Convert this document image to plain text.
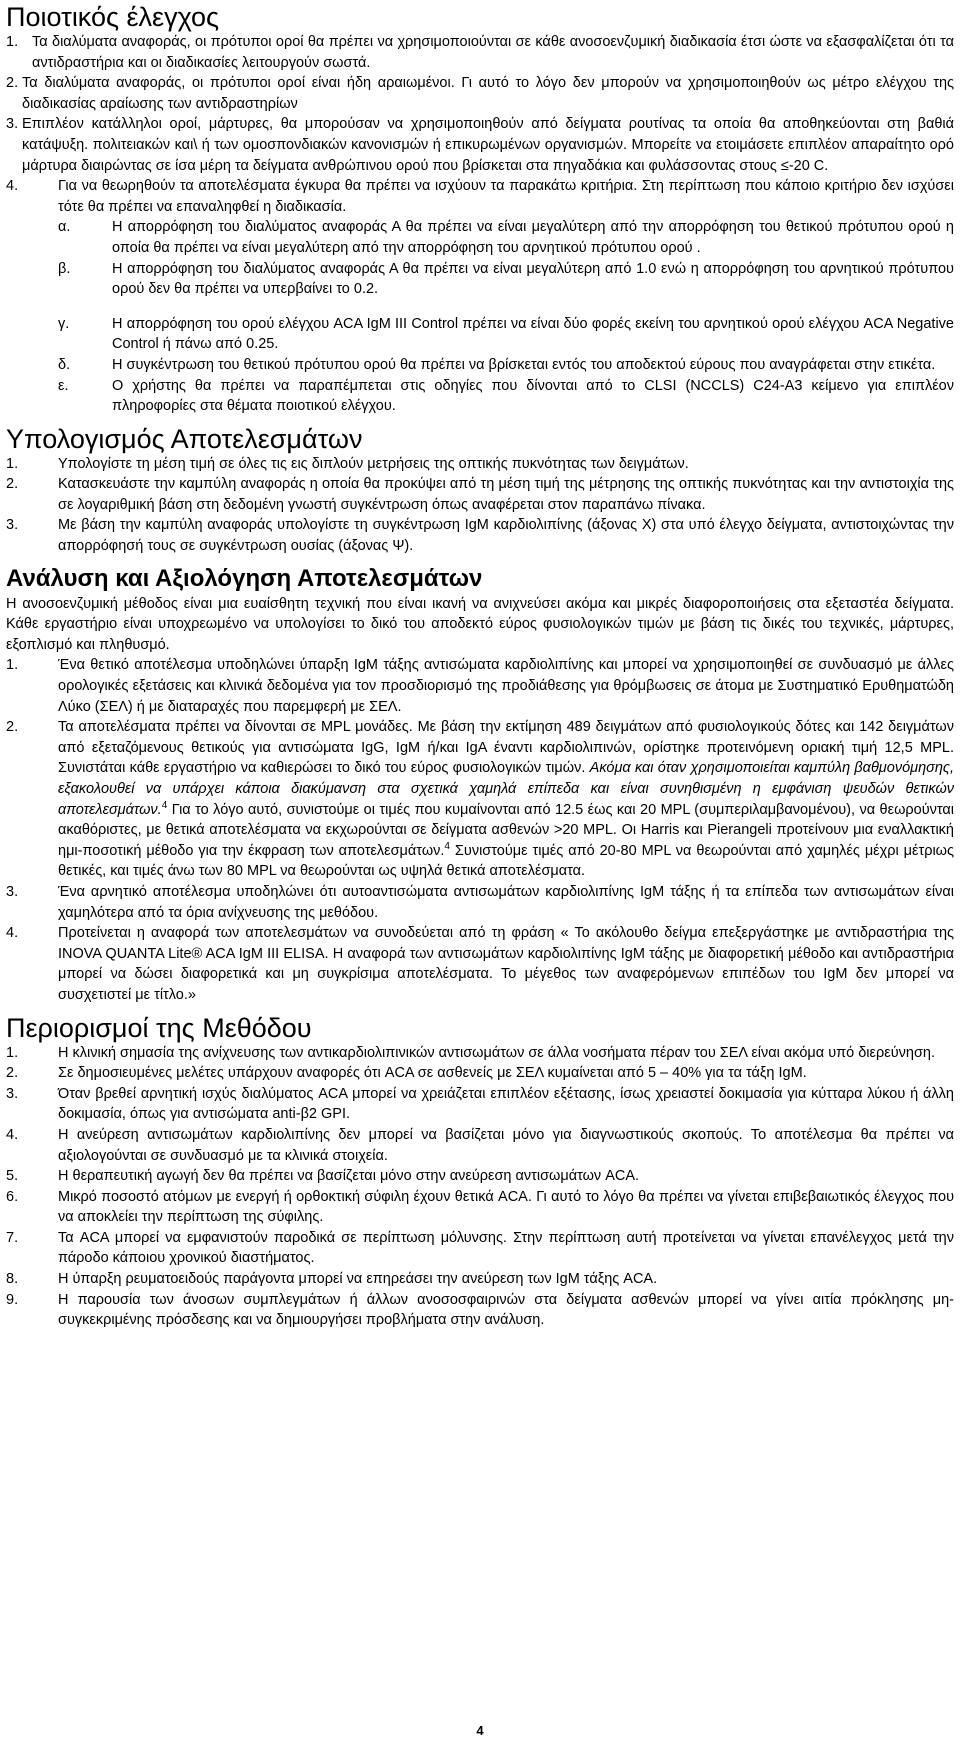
Ποιοτικός έλεγχος
1. Τα διαλύματα αναφοράς, οι πρότυποι οροί θα πρέπει να χρησιμοποιούνται σε κάθε ανοσοενζυμική διαδικασία έτσι ώστε να εξασφαλίζεται ότι τα αντιδραστήρια και οι διαδικασίες λειτουργούν σωστά.
2. Τα διαλύματα αναφοράς, οι πρότυποι οροί είναι ήδη αραιωμένοι. Γι αυτό το λόγο δεν μπορούν να χρησιμοποιηθούν ως μέτρο ελέγχου της διαδικασίας αραίωσης των αντιδραστηρίων
3. Επιπλέον κατάλληλοι οροί, μάρτυρες, θα μπορούσαν να χρησιμοποιηθούν από δείγματα ρουτίνας τα οποία θα αποθηκεύονται στη βαθιά κατάψυξη. πολιτειακών και\ ή των ομοσπονδιακών κανονισμών ή επικυρωμένων οργανισμών. Μπορείτε να ετοιμάσετε επιπλέον απαραίτητο ορό μάρτυρα διαιρώντας σε ίσα μέρη τα δείγματα ανθρώπινου ορού που βρίσκεται στα πηγαδάκια και φυλάσσοντας στους ≤-20 C.
4.	Για να θεωρηθούν τα αποτελέσματα έγκυρα θα πρέπει να ισχύουν τα παρακάτω κριτήρια. Στη περίπτωση που κάποιο κριτήριο δεν ισχύσει τότε θα πρέπει να επαναληφθεί η διαδικασία.
α.	Η απορρόφηση του διαλύματος αναφοράς Α θα πρέπει να είναι μεγαλύτερη από την απορρόφηση του θετικού πρότυπου ορού η οποία θα πρέπει να είναι μεγαλύτερη από την απορρόφηση του αρνητικού πρότυπου ορού .
β.	Η απορρόφηση του διαλύματος αναφοράς Α θα πρέπει να είναι μεγαλύτερη από 1.0 ενώ η απορρόφηση του αρνητικού πρότυπου ορού δεν θα πρέπει να υπερβαίνει το 0.2.
γ.	Η απορρόφηση του ορού ελέγχου ACA IgM III Control πρέπει να είναι δύο φορές εκείνη του αρνητικού ορού ελέγχου ACA Negative Control ή πάνω από 0.25.
δ.	Η συγκέντρωση του θετικού πρότυπου ορού θα πρέπει να βρίσκεται εντός του αποδεκτού εύρους που αναγράφεται στην ετικέτα.
ε.	Ο χρήστης θα πρέπει να παραπέμπεται στις οδηγίες που δίνονται από το CLSI (NCCLS) C24-A3 κείμενο για επιπλέον πληροφορίες στα θέματα ποιοτικού ελέγχου.
Υπολογισμός Αποτελεσμάτων
1.	Υπολογίστε τη μέση τιμή σε όλες τις εις διπλούν μετρήσεις της οπτικής πυκνότητας των δειγμάτων.
2.	Κατασκευάστε την καμπύλη αναφοράς η οποία θα προκύψει από τη μέση τιμή της μέτρησης της οπτικής πυκνότητας και την αντιστοιχία της σε λογαριθμική βάση στη δεδομένη γνωστή συγκέντρωση όπως αναφέρεται στον παραπάνω πίνακα.
3.	Με βάση την καμπύλη αναφοράς υπολογίστε τη συγκέντρωση IgM καρδιολιπίνης (άξονας Χ) στα υπό έλεγχο δείγματα, αντιστοιχώντας την απορρόφησή τους σε συγκέντρωση ουσίας (άξονας Ψ).
Ανάλυση και Αξιολόγηση Αποτελεσμάτων

Η ανοσοενζυμική μέθοδος είναι μια ευαίσθητη τεχνική που είναι ικανή να ανιχνεύσει ακόμα και μικρές διαφοροποιήσεις στα εξεταστέα δείγματα. Κάθε εργαστήριο είναι υποχρεωμένο να υπολογίσει το δικό του αποδεκτό εύρος φυσιολογικών τιμών με βάση τις δικές του τεχνικές, μάρτυρες, εξοπλισμό και πληθυσμό.

1.	Ένα θετικό αποτέλεσμα υποδηλώνει ύπαρξη IgM τάξης αντισώματα καρδιολιπίνης και μπορεί να χρησιμοποιηθεί σε συνδυασμό με άλλες ορολογικές εξετάσεις και κλινικά δεδομένα για τον προσδιορισμό της προδιάθεσης για θρόμβωσεις σε άτομα με Συστηματικό Ερυθηματώδη Λύκο (ΣΕΛ) ή με διαταραχές που παρεμφερή με ΣΕΛ.
2.	Τα αποτελέσματα πρέπει να δίνονται σε MPL μονάδες. Με βάση την εκτίμηση 489 δειγμάτων από φυσιολογικούς δότες και 142 δειγμάτων από εξεταζόμενους θετικούς για αντισώματα IgG, IgM ή/και IgA έναντι καρδιολιπινών, ορίστηκε προτεινόμενη οριακή τιμή 12,5 MPL. Συνιστάται κάθε εργαστήριο να καθιερώσει το δικό του εύρος φυσιολογικών τιμών. Ακόμα και όταν χρησιμοποιείται καμπύλη βαθμονόμησης, εξακολουθεί να υπάρχει κάποια διακύμανση στα σχετικά χαμηλά επίπεδα και είναι συνηθισμένη η εμφάνιση ψευδών θετικών αποτελεσμάτων.$^4$ Για το λόγο αυτό, συνιστούμε οι τιμές που κυμαίνονται από 12.5 έως και 20 MPL (συμπεριλαμβανομένου), να θεωρούνται ακαθόριστες, με θετικά αποτελέσματα να εκχωρούνται σε δείγματα ασθενών >20 MPL. Οι Harris και Pierangeli προτείνουν μια εναλλακτική ημι-ποσοτική μέθοδο για την έκφραση των αποτελεσμάτων.$^4$ Συνιστούμε τιμές από 20-80 MPL να θεωρούνται από χαμηλές μέχρι μέτριως θετικές, και τιμές άνω των 80 MPL να θεωρούνται ως υψηλά θετικά αποτελέσματα.
3.	Ένα αρνητικό αποτέλεσμα υποδηλώνει ότι αυτοαντισώματα αντισωμάτων καρδιολιπίνης IgM τάξης ή τα επίπεδα των αντισωμάτων είναι χαμηλότερα από τα όρια ανίχνευσης της μεθόδου.
4.	Προτείνεται η αναφορά των αποτελεσμάτων να συνοδεύεται από τη φράση « Το ακόλουθο δείγμα επεξεργάστηκε με αντιδραστήρια της INOVA QUANTA Lite® ACA IgM III ELISA. Η αναφορά των αντισωμάτων καρδιολιπίνης IgM τάξης με διαφορετική μέθοδο και αντιδραστήρια μπορεί να δώσει διαφορετικά και μη συγκρίσιμα αποτελέσματα. Το μέγεθος των αναφερόμενων επιπέδων του IgM δεν μπορεί να συσχετιστεί με τίτλο.»
Περιορισμοί της Μεθόδου
1.	Η κλινική σημασία της ανίχνευσης των αντικαρδιολιπινικών αντισωμάτων σε άλλα νοσήματα πέραν του ΣΕΛ είναι ακόμα υπό διερεύνηση.
2.	Σε δημοσιευμένες μελέτες υπάρχουν αναφορές ότι ACA σε ασθενείς με ΣΕΛ κυμαίνεται από 5 – 40% για τα τάξη IgM.
3.	Όταν βρεθεί αρνητική ισχύς διαλύματος ACA μπορεί να χρειάζεται επιπλέον εξέτασης, ίσως χρειαστεί δοκιμασία για κύτταρα λύκου ή άλλη δοκιμασία, όπως για αντισώματα anti-β2 GPI.
4.	Η ανεύρεση αντισωμάτων καρδιολιπίνης δεν μπορεί να βασίζεται μόνο για διαγνωστικούς σκοπούς. Το αποτέλεσμα θα πρέπει να αξιολογούνται σε συνδυασμό με τα κλινικά στοιχεία.
5.	Η θεραπευτική αγωγή δεν θα πρέπει να βασίζεται μόνο στην ανεύρεση αντισωμάτων ACA.
6.	Μικρό ποσοστό ατόμων με ενεργή ή ορθοκτική σύφιλη έχουν θετικά ACA. Γι αυτό το λόγο θα πρέπει να γίνεται επιβεβαιωτικός έλεγχος που να αποκλείει την περίπτωση της σύφιλης.
7.	Τα ACA μπορεί να εμφανιστούν παροδικά σε περίπτωση μόλυνσης. Στην περίπτωση αυτή προτείνεται να γίνεται επανέλεγχος μετά την πάροδο κάποιου χρονικού διαστήματος.
8.	Η ύπαρξη ρευματοειδούς παράγοντα μπορεί να επηρεάσει την ανεύρεση των IgM τάξης ACA.
9.	Η παρουσία των άνοσων συμπλεγμάτων ή άλλων ανοσοσφαιρινών στα δείγματα ασθενών μπορεί να γίνει αιτία πρόκλησης μη-συγκεκριμένης πρόσδεσης και να δημιουργήσει προβλήματα στην ανάλυση.
4
